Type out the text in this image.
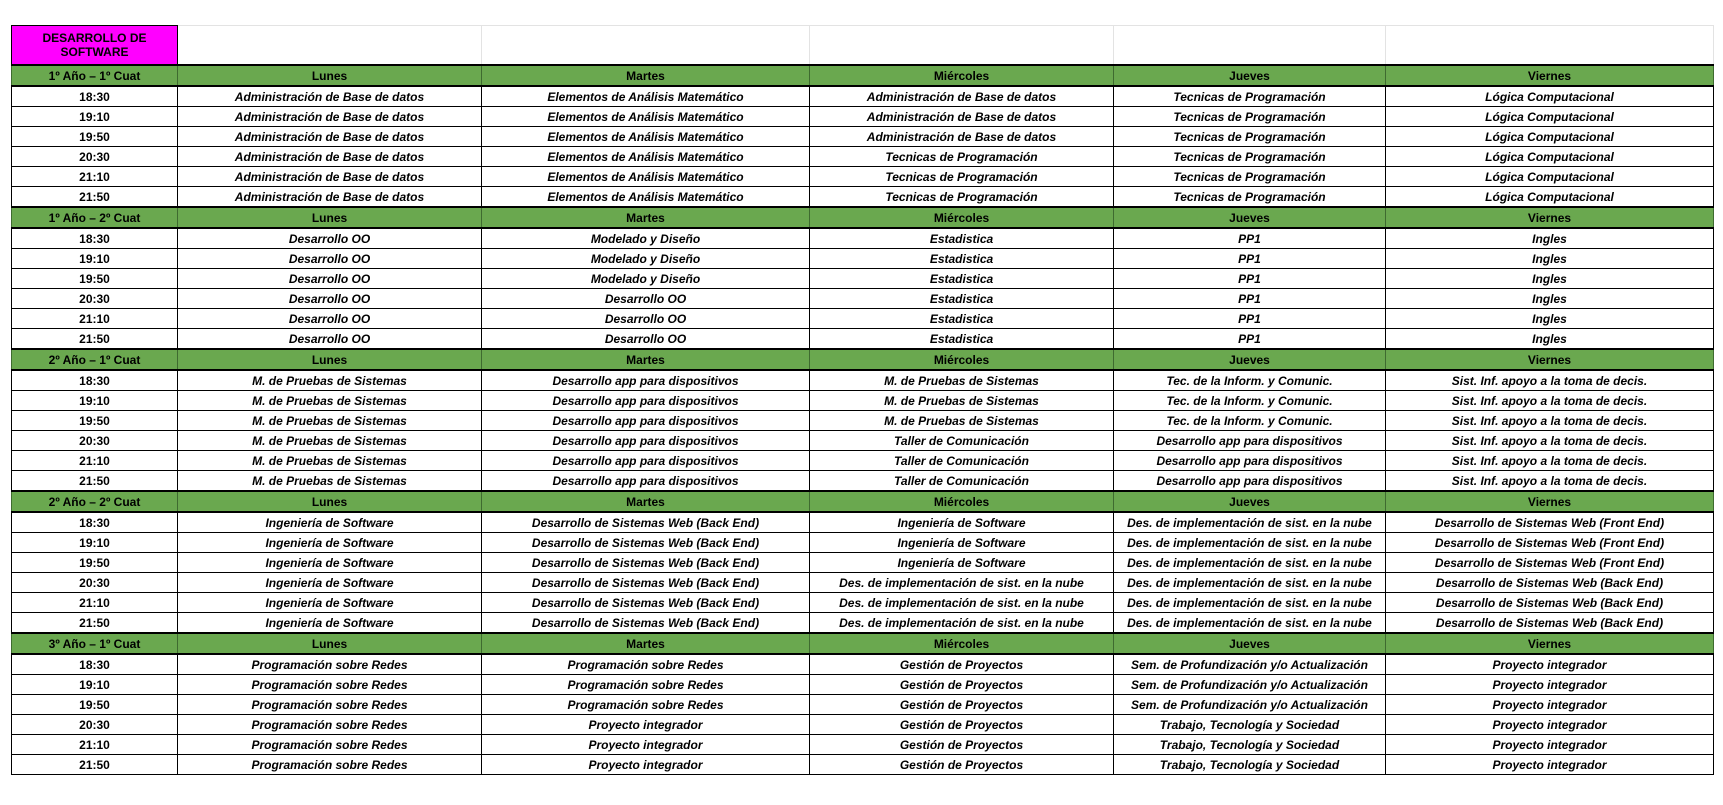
DESARROLLO DE SOFTWARE					
1º Año – 1º Cuat	Lunes	Martes	Miércoles	Jueves	Viernes
18:30	Administración de Base de datos	Elementos de Análisis Matemático	Administración de Base de datos	Tecnicas de Programación	Lógica Computacional
19:10	Administración de Base de datos	Elementos de Análisis Matemático	Administración de Base de datos	Tecnicas de Programación	Lógica Computacional
19:50	Administración de Base de datos	Elementos de Análisis Matemático	Administración de Base de datos	Tecnicas de Programación	Lógica Computacional
20:30	Administración de Base de datos	Elementos de Análisis Matemático	Tecnicas de Programación	Tecnicas de Programación	Lógica Computacional
21:10	Administración de Base de datos	Elementos de Análisis Matemático	Tecnicas de Programación	Tecnicas de Programación	Lógica Computacional
21:50	Administración de Base de datos	Elementos de Análisis Matemático	Tecnicas de Programación	Tecnicas de Programación	Lógica Computacional
1º Año – 2º Cuat	Lunes	Martes	Miércoles	Jueves	Viernes
18:30	Desarrollo OO	Modelado y Diseño	Estadistica	PP1	Ingles
19:10	Desarrollo OO	Modelado y Diseño	Estadistica	PP1	Ingles
19:50	Desarrollo OO	Modelado y Diseño	Estadistica	PP1	Ingles
20:30	Desarrollo OO	Desarrollo OO	Estadistica	PP1	Ingles
21:10	Desarrollo OO	Desarrollo OO	Estadistica	PP1	Ingles
21:50	Desarrollo OO	Desarrollo OO	Estadistica	PP1	Ingles
2º Año – 1º Cuat	Lunes	Martes	Miércoles	Jueves	Viernes
18:30	M. de Pruebas de Sistemas	Desarrollo app para dispositivos	M. de Pruebas de Sistemas	Tec. de la Inform. y Comunic.	Sist. Inf. apoyo a la toma de decis.
19:10	M. de Pruebas de Sistemas	Desarrollo app para dispositivos	M. de Pruebas de Sistemas	Tec. de la Inform. y Comunic.	Sist. Inf. apoyo a la toma de decis.
19:50	M. de Pruebas de Sistemas	Desarrollo app para dispositivos	M. de Pruebas de Sistemas	Tec. de la Inform. y Comunic.	Sist. Inf. apoyo a la toma de decis.
20:30	M. de Pruebas de Sistemas	Desarrollo app para dispositivos	Taller de Comunicación	Desarrollo app para dispositivos	Sist. Inf. apoyo a la toma de decis.
21:10	M. de Pruebas de Sistemas	Desarrollo app para dispositivos	Taller de Comunicación	Desarrollo app para dispositivos	Sist. Inf. apoyo a la toma de decis.
21:50	M. de Pruebas de Sistemas	Desarrollo app para dispositivos	Taller de Comunicación	Desarrollo app para dispositivos	Sist. Inf. apoyo a la toma de decis.
2º Año – 2º Cuat	Lunes	Martes	Miércoles	Jueves	Viernes
18:30	Ingeniería de Software	Desarrollo de Sistemas Web (Back End)	Ingeniería de Software	Des. de implementación de sist. en la nube	Desarrollo de Sistemas Web (Front End)
19:10	Ingeniería de Software	Desarrollo de Sistemas Web (Back End)	Ingeniería de Software	Des. de implementación de sist. en la nube	Desarrollo de Sistemas Web (Front End)
19:50	Ingeniería de Software	Desarrollo de Sistemas Web (Back End)	Ingeniería de Software	Des. de implementación de sist. en la nube	Desarrollo de Sistemas Web (Front End)
20:30	Ingeniería de Software	Desarrollo de Sistemas Web (Back End)	Des. de implementación de sist. en la nube	Des. de implementación de sist. en la nube	Desarrollo de Sistemas Web (Back End)
21:10	Ingeniería de Software	Desarrollo de Sistemas Web (Back End)	Des. de implementación de sist. en la nube	Des. de implementación de sist. en la nube	Desarrollo de Sistemas Web (Back End)
21:50	Ingeniería de Software	Desarrollo de Sistemas Web (Back End)	Des. de implementación de sist. en la nube	Des. de implementación de sist. en la nube	Desarrollo de Sistemas Web (Back End)
3º Año – 1º Cuat	Lunes	Martes	Miércoles	Jueves	Viernes
18:30	Programación sobre Redes	Programación sobre Redes	Gestión de Proyectos	Sem. de Profundización y/o Actualización	Proyecto integrador
19:10	Programación sobre Redes	Programación sobre Redes	Gestión de Proyectos	Sem. de Profundización y/o Actualización	Proyecto integrador
19:50	Programación sobre Redes	Programación sobre Redes	Gestión de Proyectos	Sem. de Profundización y/o Actualización	Proyecto integrador
20:30	Programación sobre Redes	Proyecto integrador	Gestión de Proyectos	Trabajo, Tecnología y Sociedad	Proyecto integrador
21:10	Programación sobre Redes	Proyecto integrador	Gestión de Proyectos	Trabajo, Tecnología y Sociedad	Proyecto integrador
21:50	Programación sobre Redes	Proyecto integrador	Gestión de Proyectos	Trabajo, Tecnología y Sociedad	Proyecto integrador
